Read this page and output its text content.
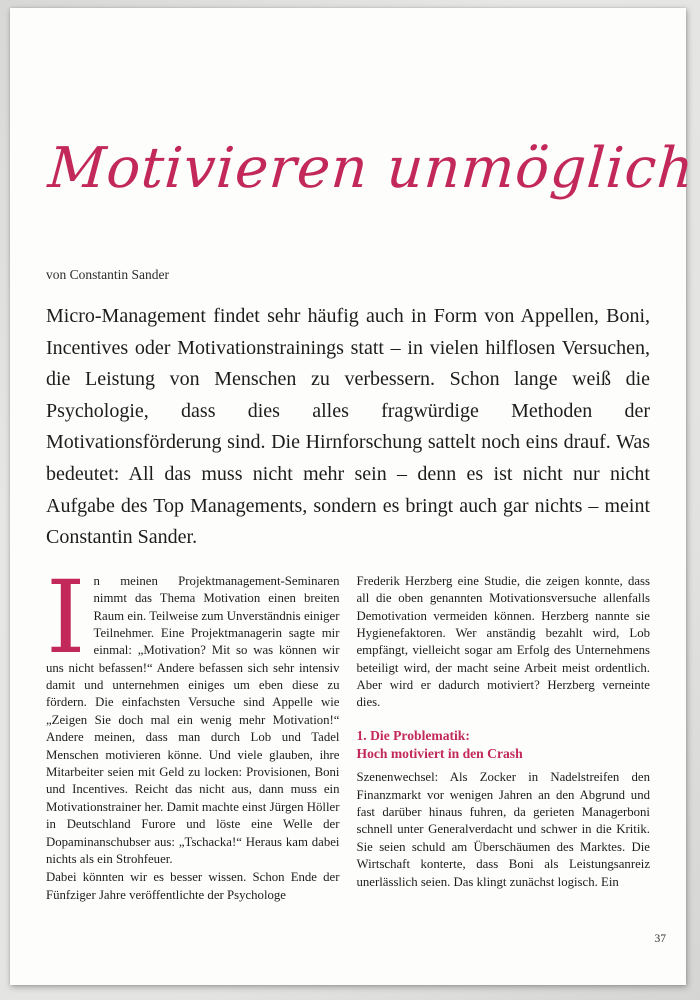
Motivieren unmöglich
von Constantin Sander

Micro-Management findet sehr häufig auch in Form von Appellen, Boni, Incentives oder Motivationstrainings statt – in vielen hilflosen Versuchen, die Leistung von Menschen zu verbessern. Schon lange weiß die Psychologie, dass dies alles fragwürdige Methoden der Motivationsförderung sind. Die Hirnforschung sattelt noch eins drauf. Was bedeutet: All das muss nicht mehr sein – denn es ist nicht nur nicht Aufgabe des Top Managements, sondern es bringt auch gar nichts – meint Constantin Sander.

In meinen Projektmanagement-Seminaren nimmt das Thema Motivation einen breiten Raum ein. Teilweise zum Unverständnis einiger Teilnehmer. Eine Projektmanagerin sagte mir einmal: „Motivation? Mit so was können wir uns nicht befassen!“ Andere befassen sich sehr intensiv damit und unternehmen einiges um eben diese zu fördern. Die einfachsten Versuche sind Appelle wie „Zeigen Sie doch mal ein wenig mehr Motivation!“ Andere meinen, dass man durch Lob und Tadel Menschen motivieren könne. Und viele glauben, ihre Mitarbeiter seien mit Geld zu locken: Provisionen, Boni und Incentives. Reicht das nicht aus, dann muss ein Motivationstrainer her. Damit machte einst Jürgen Höller in Deutschland Furore und löste eine Welle der Dopaminanschubser aus: „Tschacka!“ Heraus kam dabei nichts als ein Strohfeuer.

Dabei könnten wir es besser wissen. Schon Ende der Fünfziger Jahre veröffentlichte der Psychologe

Frederik Herzberg eine Studie, die zeigen konnte, dass all die oben genannten Motivationsversuche allenfalls Demotivation vermeiden können. Herzberg nannte sie Hygienefaktoren. Wer anständig bezahlt wird, Lob empfängt, vielleicht sogar am Erfolg des Unternehmens beteiligt wird, der macht seine Arbeit meist ordentlich. Aber wird er dadurch motiviert? Herzberg verneinte dies.

1. Die Problematik:
Hoch motiviert in den Crash

Szenenwechsel: Als Zocker in Nadelstreifen den Finanzmarkt vor wenigen Jahren an den Abgrund und fast darüber hinaus fuhren, da gerieten Managerboni schnell unter Generalverdacht und schwer in die Kritik. Sie seien schuld am Überschäumen des Marktes. Die Wirtschaft konterte, dass Boni als Leistungsanreiz unerlässlich seien. Das klingt zunächst logisch. Ein

37
